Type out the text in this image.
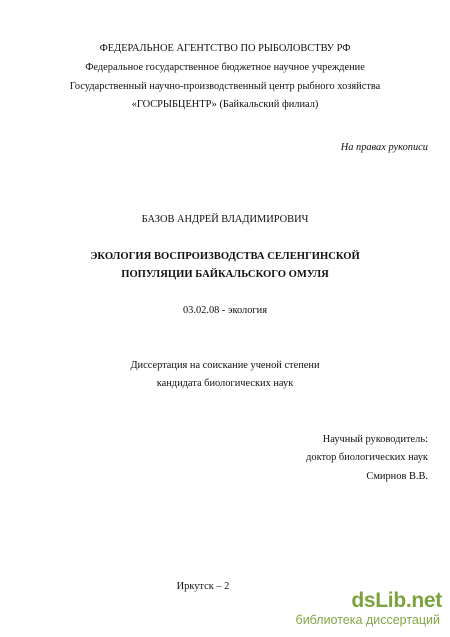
ФЕДЕРАЛЬНОЕ АГЕНТСТВО ПО РЫБОЛОВСТВУ РФ
Федеральное государственное бюджетное научное учреждение
Государственный научно-производственный центр рыбного хозяйства
«ГОСРЫБЦЕНТР» (Байкальский филиал)
На правах рукописи
БАЗОВ АНДРЕЙ ВЛАДИМИРОВИЧ
ЭКОЛОГИЯ ВОСПРОИЗВОДСТВА СЕЛЕНГИНСКОЙ
ПОПУЛЯЦИИ БАЙКАЛЬСКОГО ОМУЛЯ
03.02.08 - экология
Диссертация на соискание ученой степени
кандидата биологических наук
Научный руководитель:
доктор биологических наук
Смирнов В.В.
Иркутск – 2
ds Lib .net
библиотека диссертаций
